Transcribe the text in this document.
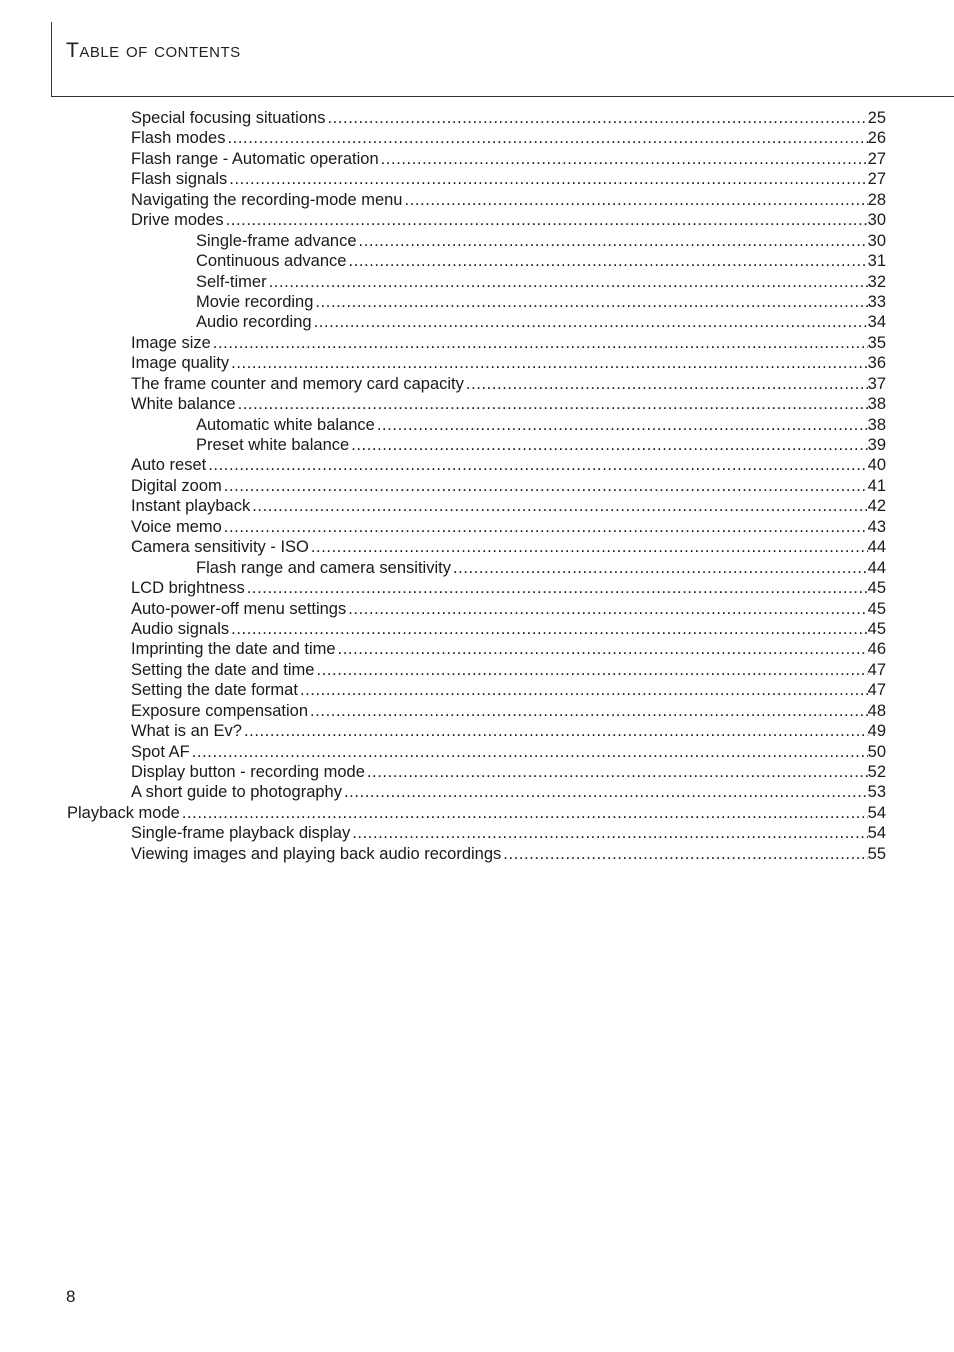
Table of contents
Special focusing situations .....	25
Flash modes .....	26
Flash range - Automatic operation .....	27
Flash signals .....	27
Navigating the recording-mode menu .....	28
Drive modes .....	30
Single-frame advance .....	30
Continuous advance .....	31
Self-timer .....	32
Movie recording .....	33
Audio recording .....	34
Image size .....	35
Image quality .....	36
The frame counter and memory card capacity .....	37
White balance .....	38
Automatic white balance .....	38
Preset white balance .....	39
Auto reset .....	40
Digital zoom .....	41
Instant playback .....	42
Voice memo .....	43
Camera sensitivity - ISO .....	44
Flash range and camera sensitivity .....	44
LCD brightness .....	45
Auto-power-off menu settings .....	45
Audio signals .....	45
Imprinting the date and time .....	46
Setting the date and time .....	47
Setting the date format .....	47
Exposure compensation .....	48
What is an Ev? .....	49
Spot AF .....	50
Display button - recording mode .....	52
A short guide to photography .....	53
Playback mode .....	54
Single-frame playback display .....	54
Viewing images and playing back audio recordings .....	55
8
